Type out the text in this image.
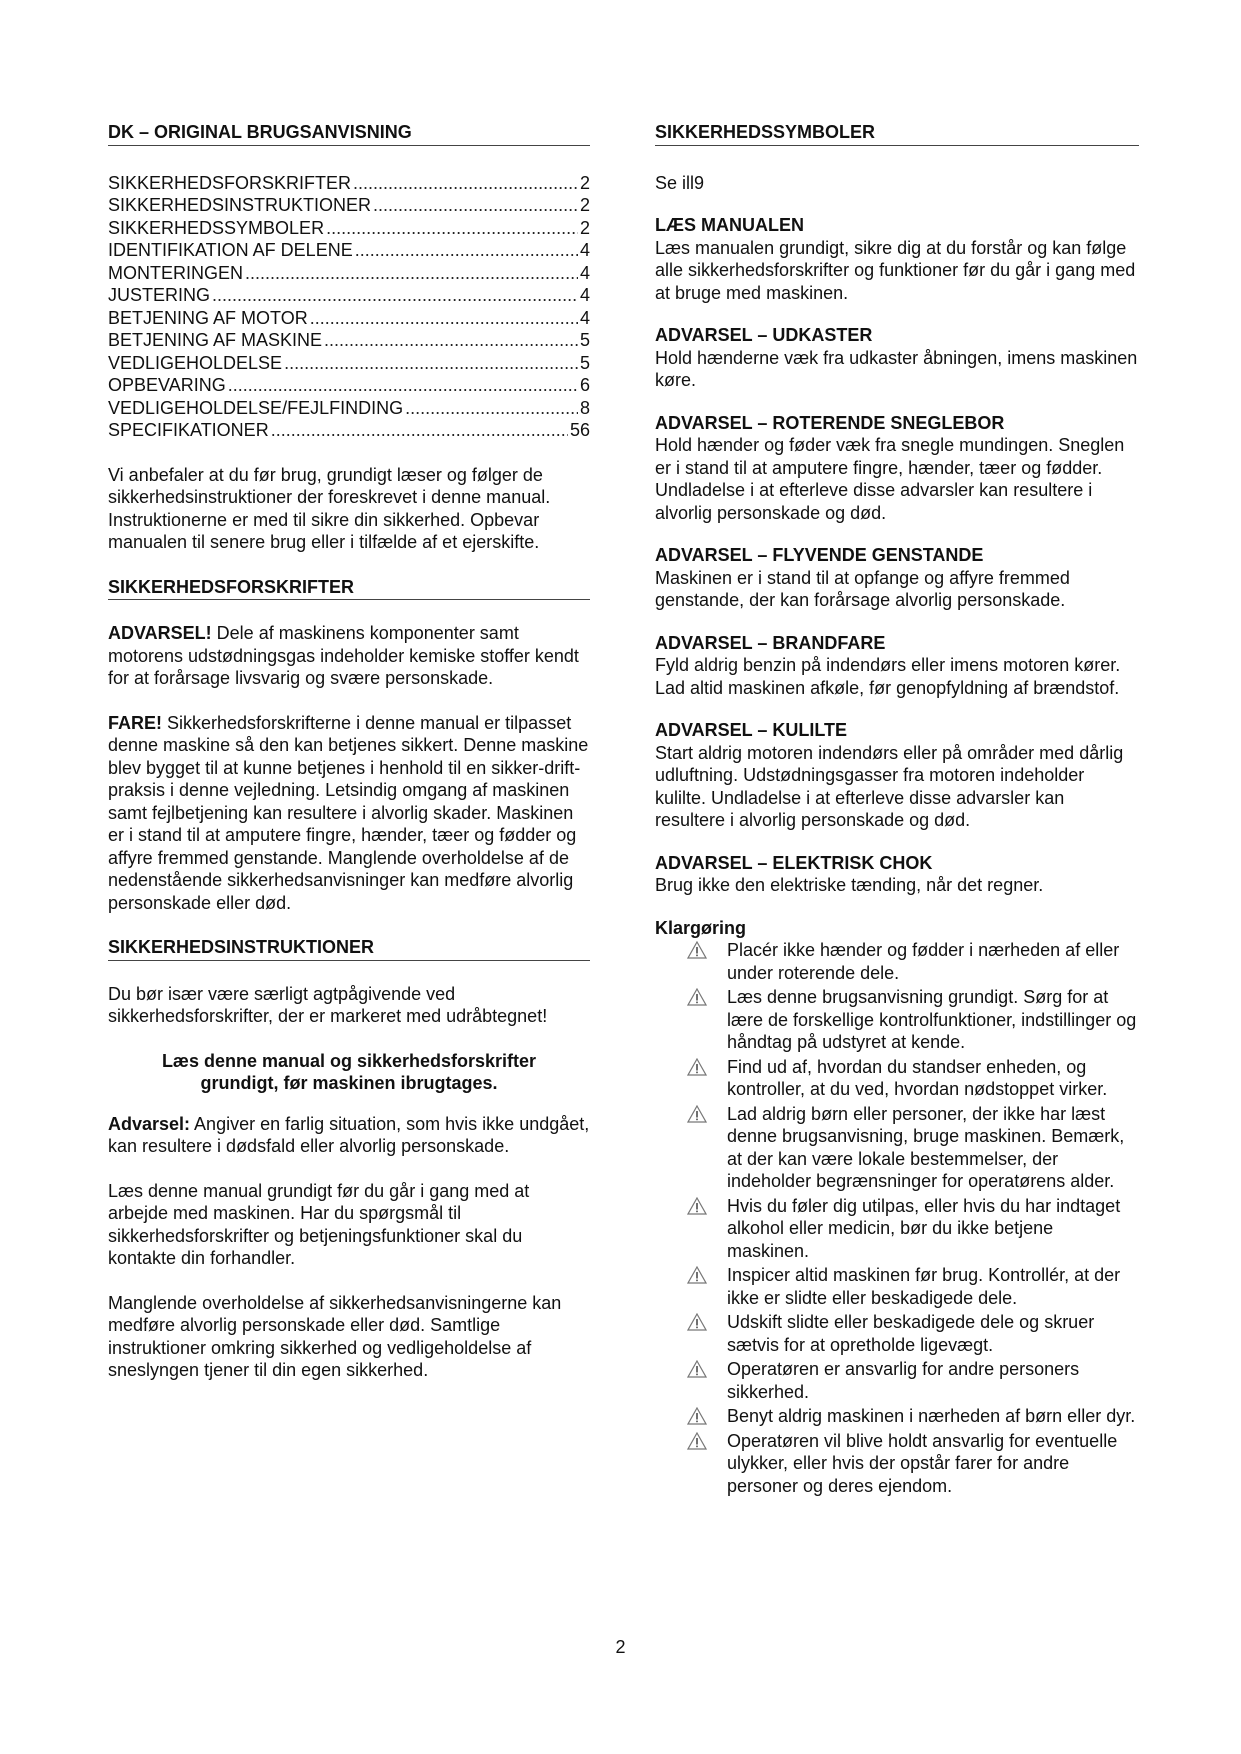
DK – ORIGINAL BRUGSANVISNING
SIKKERHEDSFORSKRIFTER .....	2
SIKKERHEDSINSTRUKTIONER .....	2
SIKKERHEDSSYMBOLER .....	2
IDENTIFIKATION AF DELENE .....	4
MONTERINGEN .....	4
JUSTERING .....	4
BETJENING AF MOTOR .....	4
BETJENING AF MASKINE .....	5
VEDLIGEHOLDELSE .....	5
OPBEVARING .....	6
VEDLIGEHOLDELSE/FEJLFINDING .....	8
SPECIFIKATIONER .....	56
Vi anbefaler at du før brug, grundigt læser og følger de sikkerhedsinstruktioner der foreskrevet i denne manual. Instruktionerne er med til sikre din sikkerhed. Opbevar manualen til senere brug eller i tilfælde af et ejerskifte.
SIKKERHEDSFORSKRIFTER
ADVARSEL! Dele af maskinens komponenter samt motorens udstødningsgas indeholder kemiske stoffer kendt for at forårsage livsvarig og svære personskade.
FARE! Sikkerhedsforskrifterne i denne manual er tilpasset denne maskine så den kan betjenes sikkert. Denne maskine blev bygget til at kunne betjenes i henhold til en sikker-drift-praksis i denne vejledning. Letsindig omgang af maskinen samt fejlbetjening kan resultere i alvorlig skader. Maskinen er i stand til at amputere fingre, hænder, tæer og fødder og affyre fremmed genstande. Manglende overholdelse af de nedenstående sikkerhedsanvisninger kan medføre alvorlig personskade eller død.
SIKKERHEDSINSTRUKTIONER
Du bør især være særligt agtpågivende ved sikkerhedsforskrifter, der er markeret med udråbtegnet!
Læs denne manual og sikkerhedsforskrifter
grundigt, før maskinen ibrugtages.
Advarsel: Angiver en farlig situation, som hvis ikke undgået, kan resultere i dødsfald eller alvorlig personskade.
Læs denne manual grundigt før du går i gang med at arbejde med maskinen. Har du spørgsmål til sikkerhedsforskrifter og betjeningsfunktioner skal du kontakte din forhandler.
Manglende overholdelse af sikkerhedsanvisningerne kan medføre alvorlig personskade eller død. Samtlige instruktioner omkring sikkerhed og vedligeholdelse af sneslyngen tjener til din egen sikkerhed.
SIKKERHEDSSYMBOLER
Se ill9
LÆS MANUALEN
Læs manualen grundigt, sikre dig at du forstår og kan følge alle sikkerhedsforskrifter og funktioner før du går i gang med at bruge med maskinen.
ADVARSEL – UDKASTER
Hold hænderne væk fra udkaster åbningen, imens maskinen køre.
ADVARSEL – ROTERENDE SNEGLEBOR
Hold hænder og føder væk fra snegle mundingen. Sneglen er i stand til at amputere fingre, hænder, tæer og fødder. Undladelse i at efterleve disse advarsler kan resultere i alvorlig personskade og død.
ADVARSEL – FLYVENDE GENSTANDE
Maskinen er i stand til at opfange og affyre fremmed genstande, der kan forårsage alvorlig personskade.
ADVARSEL – BRANDFARE
Fyld aldrig benzin på indendørs eller imens motoren kører. Lad altid maskinen afkøle, før genopfyldning af brændstof.
ADVARSEL – KULILTE
Start aldrig motoren indendørs eller på områder med dårlig udluftning. Udstødningsgasser fra motoren indeholder kulilte. Undladelse i at efterleve disse advarsler kan resultere i alvorlig personskade og død.
ADVARSEL – ELEKTRISK CHOK
Brug ikke den elektriske tænding, når det regner.
Klargøring
Placér ikke hænder og fødder i nærheden af eller under roterende dele.
Læs denne brugsanvisning grundigt. Sørg for at lære de forskellige kontrolfunktioner, indstillinger og håndtag på udstyret at kende.
Find ud af, hvordan du standser enheden, og kontroller, at du ved, hvordan nødstoppet virker.
Lad aldrig børn eller personer, der ikke har læst denne brugsanvisning, bruge maskinen. Bemærk, at der kan være lokale bestemmelser, der indeholder begrænsninger for operatørens alder.
Hvis du føler dig utilpas, eller hvis du har indtaget alkohol eller medicin, bør du ikke betjene maskinen.
Inspicer altid maskinen før brug. Kontrollér, at der ikke er slidte eller beskadigede dele.
Udskift slidte eller beskadigede dele og skruer sætvis for at opretholde ligevægt.
Operatøren er ansvarlig for andre personers sikkerhed.
Benyt aldrig maskinen i nærheden af børn eller dyr.
Operatøren vil blive holdt ansvarlig for eventuelle ulykker, eller hvis der opstår farer for andre personer og deres ejendom.
2
